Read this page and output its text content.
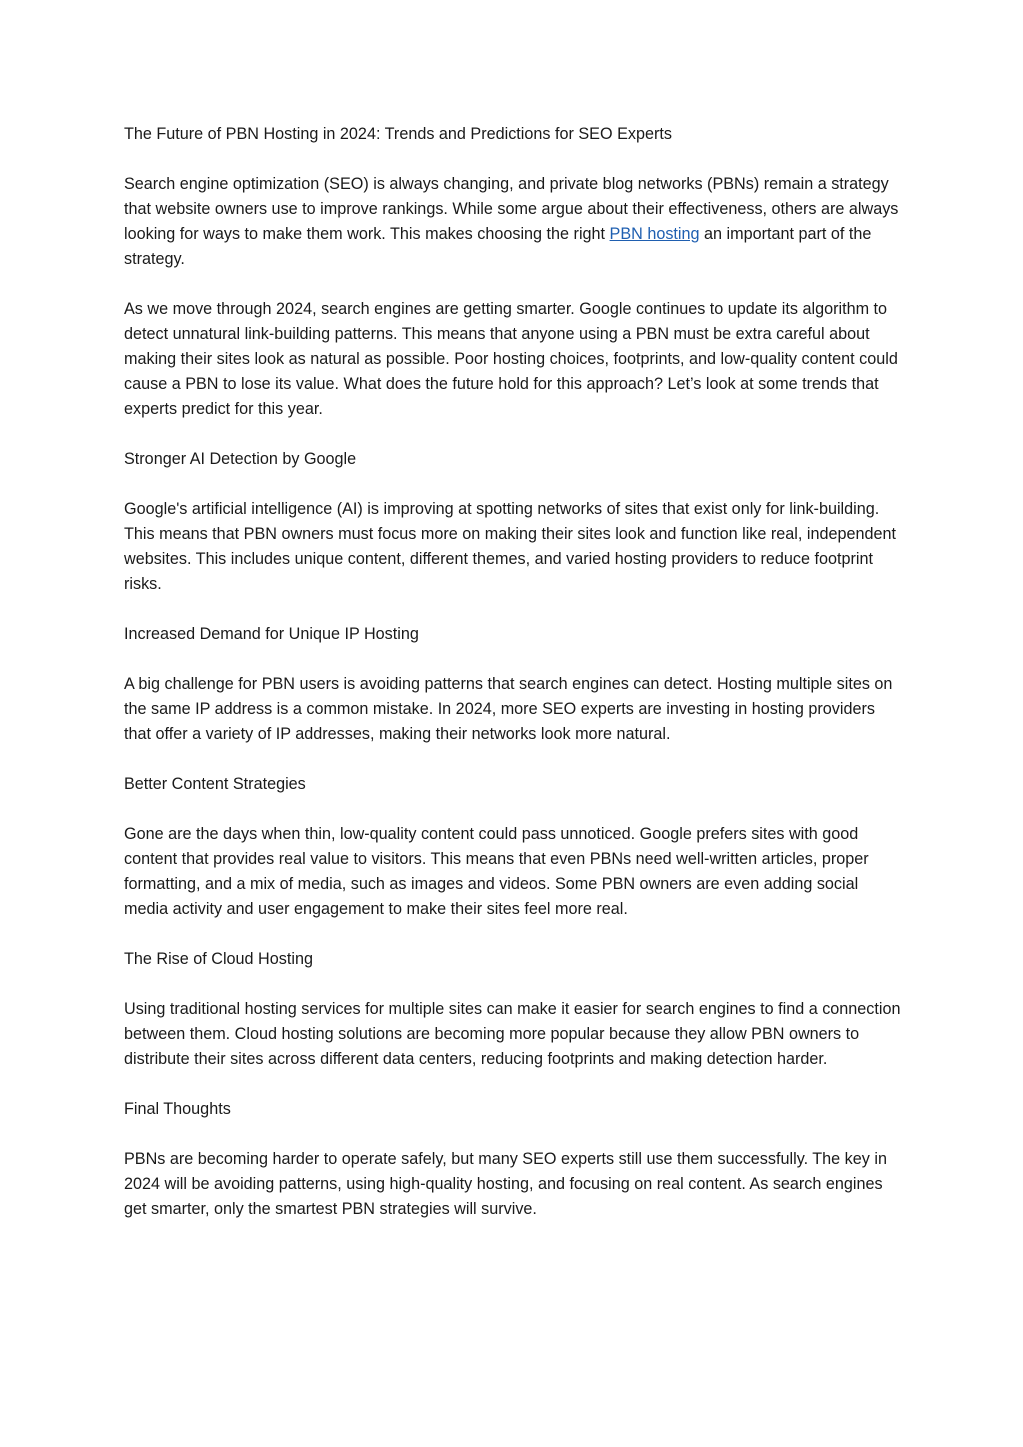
The Future of PBN Hosting in 2024: Trends and Predictions for SEO Experts

Search engine optimization (SEO) is always changing, and private blog networks (PBNs) remain a strategy that website owners use to improve rankings. While some argue about their effectiveness, others are always looking for ways to make them work. This makes choosing the right PBN hosting an important part of the strategy.

As we move through 2024, search engines are getting smarter. Google continues to update its algorithm to detect unnatural link-building patterns. This means that anyone using a PBN must be extra careful about making their sites look as natural as possible. Poor hosting choices, footprints, and low-quality content could cause a PBN to lose its value. What does the future hold for this approach? Let’s look at some trends that experts predict for this year.

Stronger AI Detection by Google

Google's artificial intelligence (AI) is improving at spotting networks of sites that exist only for link-building. This means that PBN owners must focus more on making their sites look and function like real, independent websites. This includes unique content, different themes, and varied hosting providers to reduce footprint risks.

Increased Demand for Unique IP Hosting

A big challenge for PBN users is avoiding patterns that search engines can detect. Hosting multiple sites on the same IP address is a common mistake. In 2024, more SEO experts are investing in hosting providers that offer a variety of IP addresses, making their networks look more natural.

Better Content Strategies

Gone are the days when thin, low-quality content could pass unnoticed. Google prefers sites with good content that provides real value to visitors. This means that even PBNs need well-written articles, proper formatting, and a mix of media, such as images and videos. Some PBN owners are even adding social media activity and user engagement to make their sites feel more real.

The Rise of Cloud Hosting

Using traditional hosting services for multiple sites can make it easier for search engines to find a connection between them. Cloud hosting solutions are becoming more popular because they allow PBN owners to distribute their sites across different data centers, reducing footprints and making detection harder.

Final Thoughts

PBNs are becoming harder to operate safely, but many SEO experts still use them successfully. The key in 2024 will be avoiding patterns, using high-quality hosting, and focusing on real content. As search engines get smarter, only the smartest PBN strategies will survive.
